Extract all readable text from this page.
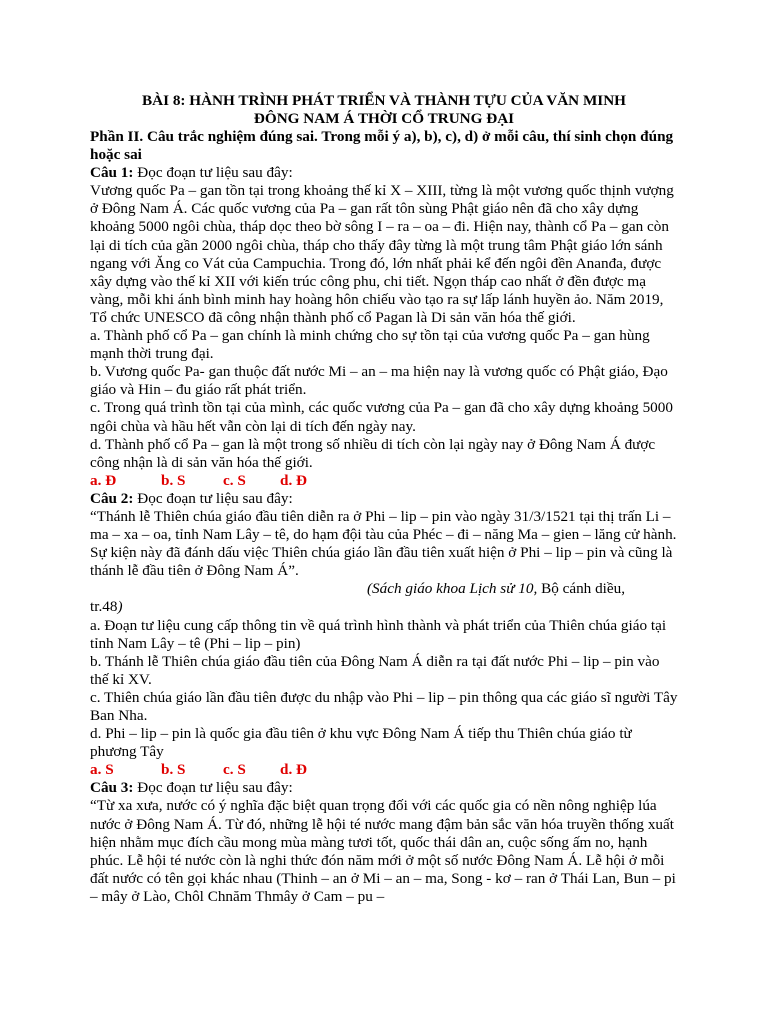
BÀI 8: HÀNH TRÌNH PHÁT TRIỂN VÀ THÀNH TỰU CỦA VĂN MINH
ĐÔNG NAM Á THỜI CỔ TRUNG ĐẠI

Phần II. Câu trắc nghiệm đúng sai. Trong mỗi ý a), b), c), d) ở mỗi câu, thí sinh chọn đúng hoặc sai

Câu 1: Đọc đoạn tư liệu sau đây:

Vương quốc Pa – gan tồn tại trong khoảng thế kỉ X – XIII, từng là một vương quốc thịnh vượng ở Đông Nam Á. Các quốc vương của Pa – gan rất tôn sùng Phật giáo nên đã cho xây dựng khoảng 5000 ngôi chùa, tháp dọc theo bờ sông I – ra – oa – đi. Hiện nay, thành cổ Pa – gan còn lại di tích của gần 2000 ngôi chùa, tháp cho thấy đây từng là một trung tâm Phật giáo lớn sánh ngang với Ăng co Vát của Campuchia. Trong đó, lớn nhất phải kể đến ngôi đền Ananđa, được xây dựng vào thế kỉ XII với kiến trúc công phu, chi tiết. Ngọn tháp cao nhất ở đền được mạ vàng, mỗi khi ánh bình minh hay hoàng hôn chiếu vào tạo ra sự lấp lánh huyền ảo. Năm 2019, Tổ chức UNESCO đã công nhận thành phố cổ Pagan là Di sản văn hóa thế giới.

a. Thành phố cổ Pa – gan chính là minh chứng cho sự tồn tại của vương quốc Pa – gan hùng mạnh thời trung đại.

b. Vương quốc Pa- gan thuộc đất nước Mi – an – ma hiện nay là vương quốc có Phật giáo, Đạo giáo và Hin – đu giáo rất phát triển.

c. Trong quá trình tồn tại của mình, các quốc vương của Pa – gan đã cho xây dựng khoảng 5000 ngôi chùa và hầu hết vẫn còn lại di tích đến ngày nay.

d. Thành phố cổ Pa – gan là một trong số nhiều di tích còn lại ngày nay ở Đông Nam Á được công nhận là di sản văn hóa thế giới.

a. Đ	b. S c. S d. Đ

Câu 2: Đọc đoạn tư liệu sau đây:

“Thánh lễ Thiên chúa giáo đầu tiên diễn ra ở Phi – lip – pin vào ngày 31/3/1521 tại thị trấn Li – ma – xa – oa, tỉnh Nam Lây – tê, do hạm đội tàu của Phéc – đi – năng Ma – gien – lăng cử hành. Sự kiện này đã đánh dấu việc Thiên chúa giáo lần đầu tiên xuất hiện ở Phi – lip – pin và cũng là thánh lễ đầu tiên ở Đông Nam Á”.

(Sách giáo khoa Lịch sử 10, Bộ cánh diều,

tr.48)

a. Đoạn tư liệu cung cấp thông tin về quá trình hình thành và phát triển của Thiên chúa giáo tại tỉnh Nam Lây – tê (Phi – lip – pin)

b. Thánh lễ Thiên chúa giáo đầu tiên của Đông Nam Á diễn ra tại đất nước Phi – lip – pin vào thế kỉ XV.

c. Thiên chúa giáo lần đầu tiên được du nhập vào Phi – lip – pin thông qua các giáo sĩ người Tây Ban Nha.

d. Phi – lip – pin là quốc gia đầu tiên ở khu vực Đông Nam Á tiếp thu Thiên chúa giáo từ phương Tây

a. S	b. S c. S d. Đ

Câu 3: Đọc đoạn tư liệu sau đây:

“Từ xa xưa, nước có ý nghĩa đặc biệt quan trọng đối với các quốc gia có nền nông nghiệp lúa nước ở Đông Nam Á. Từ đó, những lễ hội té nước mang đậm bản sắc văn hóa truyền thống xuất hiện nhằm mục đích cầu mong mùa màng tươi tốt, quốc thái dân an, cuộc sống ấm no, hạnh phúc. Lễ hội té nước còn là nghi thức đón năm mới ở một số nước Đông Nam Á. Lễ hội ở mỗi đất nước có tên gọi khác nhau (Thinh – an ở Mi – an – ma, Song - kơ – ran ở Thái Lan, Bun – pi – mây ở Lào, Chôl Chnăm Thmây ở Cam – pu –
